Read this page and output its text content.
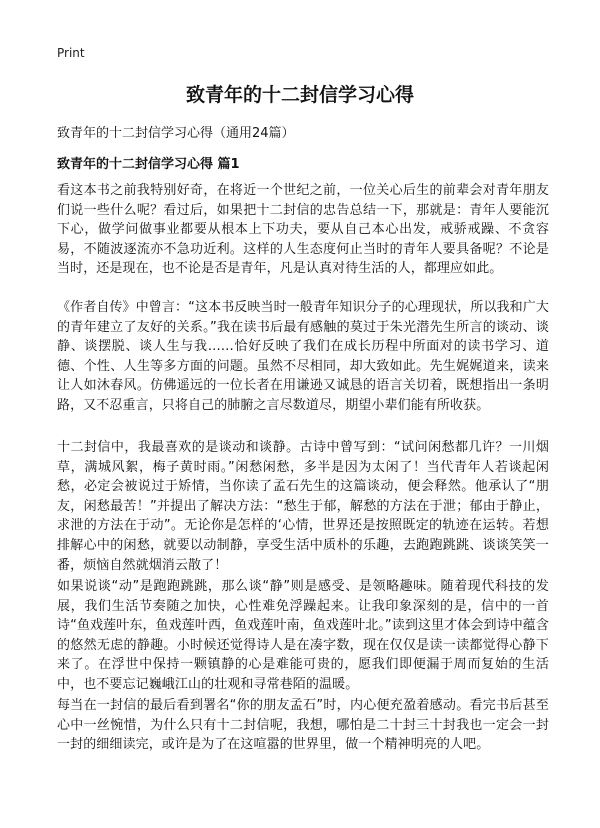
Print
致青年的十二封信学习心得
致青年的十二封信学习心得（通用24篇）
致青年的十二封信学习心得 篇1
看这本书之前我特别好奇，在将近一个世纪之前，一位关心后生的前辈会对青年朋友们说一些什么呢？看过后，如果把十二封信的忠告总结一下，那就是：青年人要能沉下心，做学问做事业都要从根本上下功夫，要从自己本心出发，戒骄戒躁、不贪容易，不随波逐流亦不急功近利。这样的人生态度何止当时的青年人要具备呢？不论是当时，还是现在，也不论是否是青年，凡是认真对待生活的人，都理应如此。
《作者自传》中曾言：“这本书反映当时一般青年知识分子的心理现状，所以我和广大的青年建立了友好的关系。”我在读书后最有感触的莫过于朱光潜先生所言的谈动、谈静、谈摆脱、谈人生与我……恰好反映了我们在成长历程中所面对的读书学习、道德、个性、人生等多方面的问题。虽然不尽相同，却大致如此。先生娓娓道来，读来让人如沐春风。仿佛遥远的一位长者在用谦逊又诚恳的语言关切着，既想指出一条明路，又不忍重言，只将自己的肺腑之言尽数道尽，期望小辈们能有所收获。
十二封信中，我最喜欢的是谈动和谈静。古诗中曾写到：“试问闲愁都几许？一川烟草，满城风絮，梅子黄时雨。”闲愁闲愁，多半是因为太闲了！当代青年人若谈起闲愁，必定会被说过于矫情，当你读了孟石先生的这篇谈动，便会释然。他承认了“朋友，闲愁最苦！”并提出了解决方法：“愁生于郁，解愁的方法在于泄；郁由于静止，求泄的方法在于动”。无论你是怎样的‘心情，世界还是按照既定的轨迹在运转。若想排解心中的闲愁，就要以动制静，享受生活中质朴的乐趣，去跑跑跳跳、谈谈笑笑一番，烦恼自然就烟消云散了！
如果说谈“动”是跑跑跳跳，那么谈“静”则是感受、是领略趣味。随着现代科技的发展，我们生活节奏随之加快，心性难免浮躁起来。让我印象深刻的是，信中的一首诗“鱼戏莲叶东，鱼戏莲叶西，鱼戏莲叶南，鱼戏莲叶北。”读到这里才体会到诗中蕴含的悠然无虑的静趣。小时候还觉得诗人是在凑字数，现在仅仅是读一读都觉得心静下来了。在浮世中保持一颗镇静的心是难能可贵的，愿我们即便漏于周而复始的生活中，也不要忘记巍峨江山的壮观和寻常巷陌的温暖。
每当在一封信的最后看到署名“你的朋友孟石”时，内心便充盈着感动。看完书后甚至心中一丝惋惜，为什么只有十二封信呢，我想，哪怕是二十封三十封我也一定会一封一封的细细读完，或许是为了在这喧嚣的世界里，做一个精神明亮的人吧。
